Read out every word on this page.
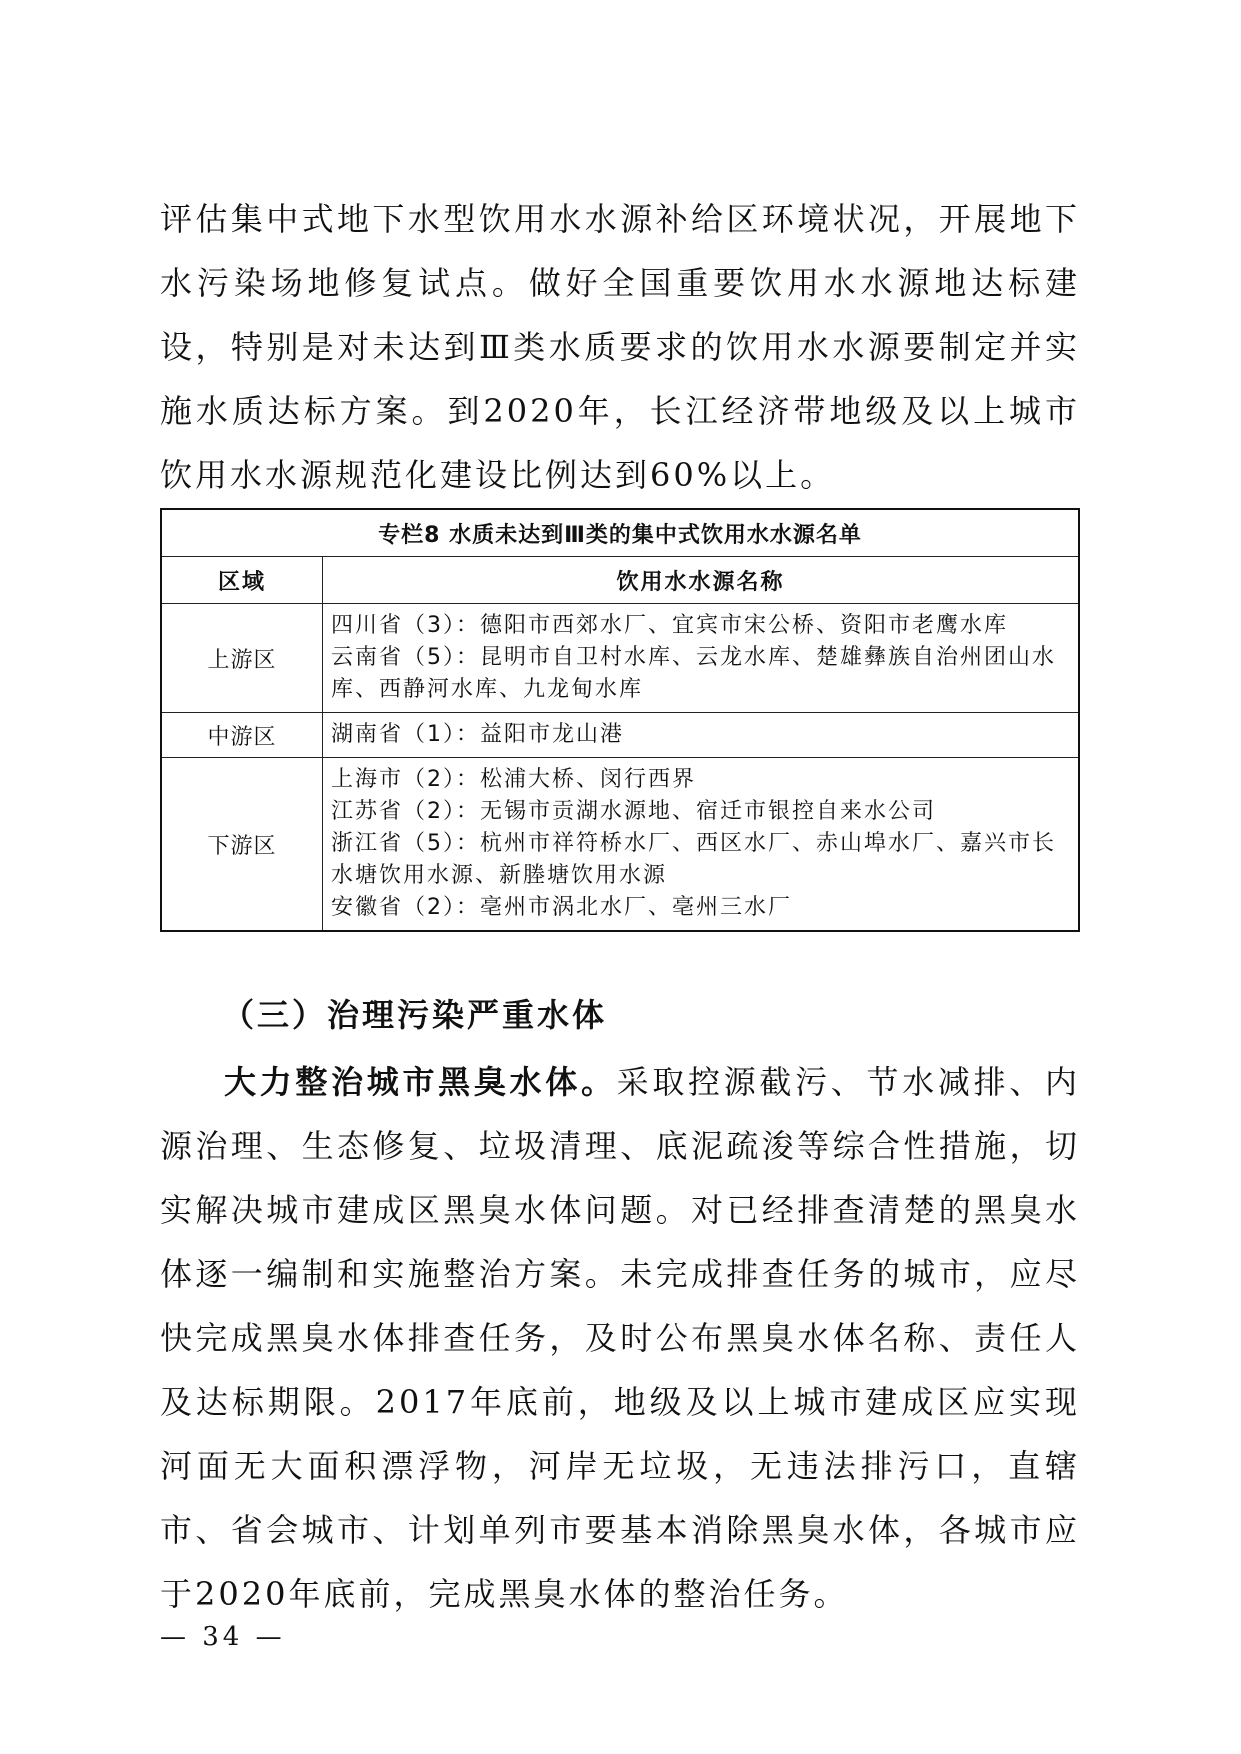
评估集中式地下水型饮用水水源补给区环境状况，开展地下水污染场地修复试点。做好全国重要饮用水水源地达标建设，特别是对未达到Ⅲ类水质要求的饮用水水源要制定并实施水质达标方案。到2020年，长江经济带地级及以上城市饮用水水源规范化建设比例达到60%以上。

专栏8 水质未达到Ⅲ类的集中式饮用水水源名单	
区域	饮用水水源名称
上游区	四川省（3）：德阳市西郊水厂、宜宾市宋公桥、资阳市老鹰水库
云南省（5）：昆明市自卫村水库、云龙水库、楚雄彝族自治州团山水库、西静河水库、九龙甸水库

中游区	湖南省（1）：益阳市龙山港

下游区	上海市（2）：松浦大桥、闵行西界
江苏省（2）：无锡市贡湖水源地、宿迁市银控自来水公司
浙江省（5）：杭州市祥符桥水厂、西区水厂、赤山埠水厂、嘉兴市长水塘饮用水源、新塍塘饮用水源
安徽省（2）：亳州市涡北水厂、亳州三水厂
（三）治理污染严重水体

大力整治城市黑臭水体。采取控源截污、节水减排、内源治理、生态修复、垃圾清理、底泥疏浚等综合性措施，切实解决城市建成区黑臭水体问题。对已经排查清楚的黑臭水体逐一编制和实施整治方案。未完成排查任务的城市，应尽快完成黑臭水体排查任务，及时公布黑臭水体名称、责任人及达标期限。2017年底前，地级及以上城市建成区应实现河面无大面积漂浮物，河岸无垃圾，无违法排污口，直辖市、省会城市、计划单列市要基本消除黑臭水体，各城市应于2020年底前，完成黑臭水体的整治任务。

— 34 —
